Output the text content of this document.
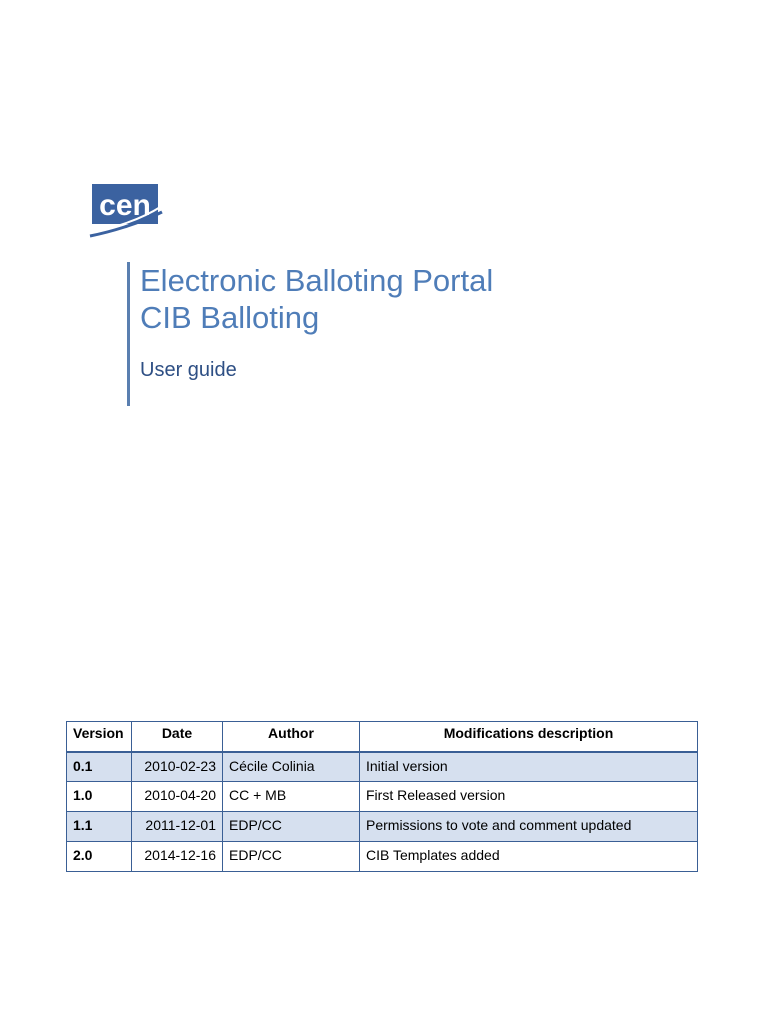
cen
Electronic Balloting Portal
CIB Balloting
User guide
Version	Date	Author	Modifications description
0.1	2010-02-23	Cécile Colinia	Initial version
1.0	2010-04-20	CC + MB	First Released version
1.1	2011-12-01	EDP/CC	Permissions to vote and comment updated
2.0	2014-12-16	EDP/CC	CIB Templates added
